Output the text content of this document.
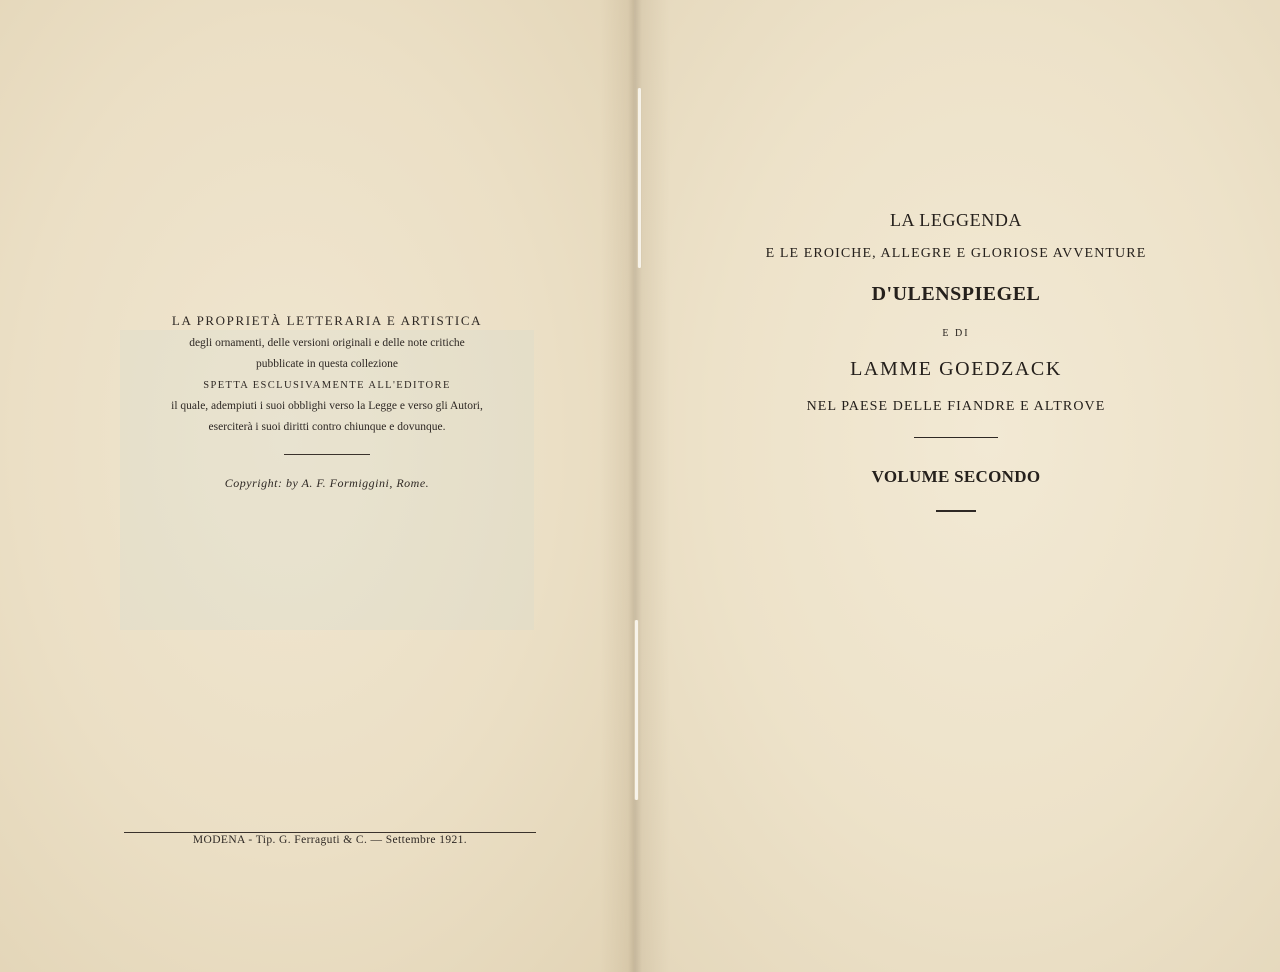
LA PROPRIETÀ LETTERARIA E ARTISTICA
degli ornamenti, delle versioni originali e delle note critiche
pubblicate in questa collezione
SPETTA ESCLUSIVAMENTE ALL'EDITORE
il quale, adempiuti i suoi obblighi verso la Legge e verso gli Autori,
eserciterà i suoi diritti contro chiunque e dovunque.
Copyright: by A. F. Formiggini, Rome.
MODENA - Tip. G. Ferraguti & C. — Settembre 1921.
LA LEGGENDA
E LE EROICHE, ALLEGRE E GLORIOSE AVVENTURE
D'ULENSPIEGEL
E DI
LAMME GOEDZACK
NEL PAESE DELLE FIANDRE E ALTROVE
VOLUME SECONDO
